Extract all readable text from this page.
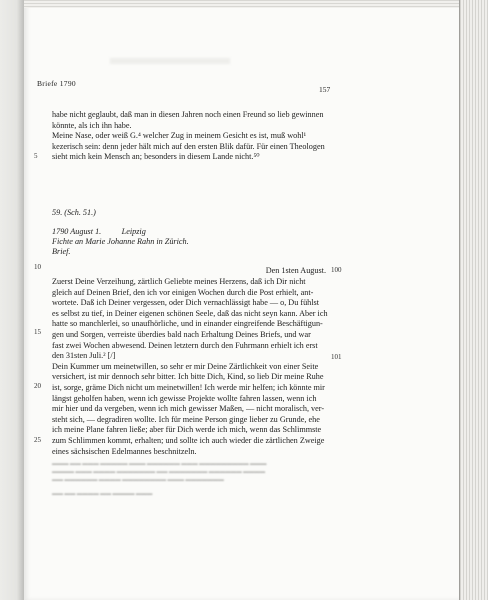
Briefe 1790
157
habe nicht geglaubt, daß man in diesen Jahren noch einen Freund so lieb gewinnen
könnte, als ich ihn habe.
Meine Nase, oder weiß G.⁴ welcher Zug in meinem Gesicht es ist, muß wohl¹
kezerisch sein: denn jeder hält mich auf den ersten Blik dafür. Für einen Theologen
sieht mich kein Mensch an; besonders in diesem Lande nicht.⁵⁰
5
59. (Sch. 51.)
1790 August 1.          Leipzig
Fichte an Marie Johanne Rahn in Zürich.
Brief.
Den 1sten August.
Zuerst Deine Verzeihung, zärtlich Geliebte meines Herzens, daß ich Dir nicht
gleich auf Deinen Brief, den ich vor einigen Wochen durch die Post erhielt, ant-
wortete. Daß ich Deiner vergessen, oder Dich vernachlässigt habe — o, Du fühlst
es selbst zu tief, in Deiner eigenen schönen Seele, daß das nicht seyn kann. Aber ich
hatte so manchlerlei, so unaufhörliche, und in einander eingreifende Beschäftigun-
gen und Sorgen, verreiste überdies bald nach Erhaltung Deines Briefs, und war
fast zwei Wochen abwesend. Deinen letztern durch den Fuhrmann erhielt ich erst
den 31sten Juli.² [/]
Dein Kummer um meinetwillen, so sehr er mir Deine Zärtlichkeit von einer Seite
versichert, ist mir dennoch sehr bitter. Ich bitte Dich, Kind, so lieb Dir meine Ruhe
ist, sorge, gräme Dich nicht um meinetwillen! Ich werde mir helfen; ich könnte mir
längst geholfen haben, wenn ich gewisse Projekte wollte fahren lassen, wenn ich
mir hier und da vergeben, wenn ich mich gewisser Maßen, — nicht moralisch, ver-
steht sich, — degradiren wollte. Ich für meine Person ginge lieber zu Grunde, ehe
ich meine Plane fahren ließe; aber für Dich werde ich mich, wenn das Schlimmste
zum Schlimmen kommt, erhalten; und sollte ich auch wieder die zärtlichen Zweige
eines sächsischen Edelmannes beschnitzeln.
10
15
20
25
100
101
▬▬▬ ▬▬ ▬▬▬ ▬▬▬▬▬ ▬▬▬ ▬▬▬▬▬▬ ▬▬▬ ▬▬▬▬▬▬▬▬▬ ▬▬▬
▬▬▬▬ ▬▬▬ ▬▬▬▬ ▬▬▬▬▬▬▬ ▬▬ ▬▬▬▬▬▬▬ ▬▬▬▬▬▬ ▬▬▬▬
▬▬ ▬▬▬▬▬▬ ▬▬▬▬ ▬▬▬▬▬▬▬▬ ▬▬▬ ▬▬▬▬▬▬▬
▬▬ ▬▬ ▬▬▬▬ ▬▬ ▬▬▬▬ ▬▬▬
